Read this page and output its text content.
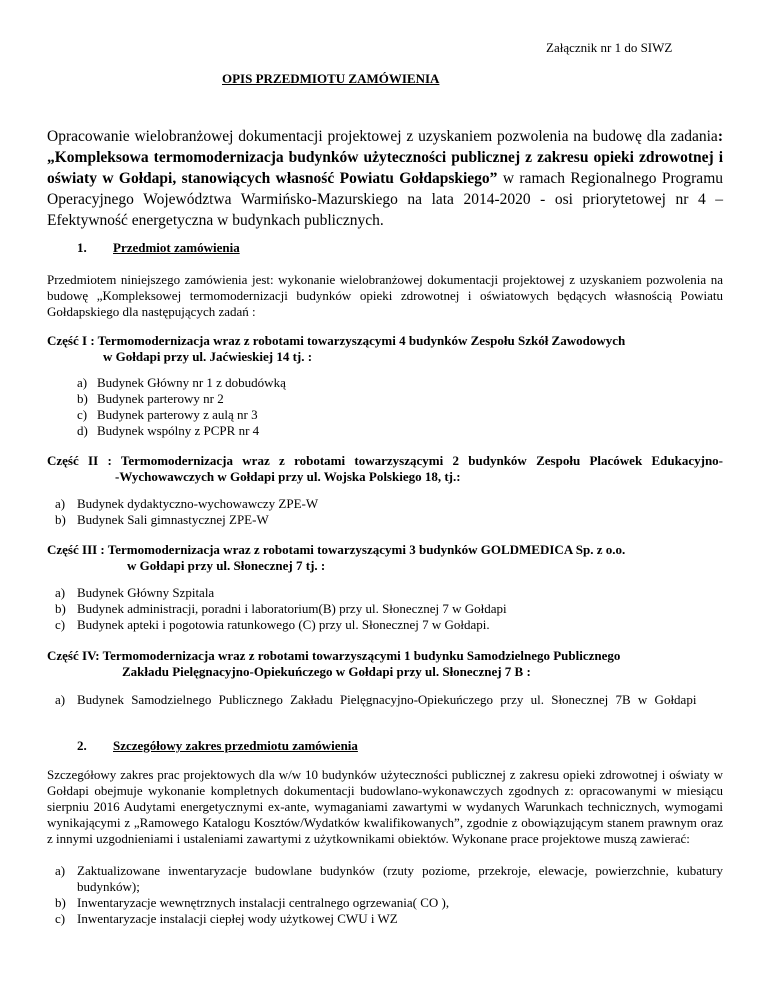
Załącznik nr 1 do SIWZ
OPIS PRZEDMIOTU ZAMÓWIENIA
Opracowanie wielobranżowej dokumentacji projektowej z uzyskaniem pozwolenia na budowę dla zadania: „Kompleksowa termomodernizacja budynków użyteczności publicznej z zakresu opieki zdrowotnej i oświaty w Gołdapi, stanowiących własność Powiatu Gołdapskiego” w ramach Regionalnego Programu Operacyjnego Województwa Warmińsko-Mazurskiego na lata 2014-2020 - osi priorytetowej nr 4 – Efektywność energetyczna w budynkach publicznych.
1. Przedmiot zamówienia
Przedmiotem niniejszego zamówienia jest: wykonanie wielobranżowej dokumentacji projektowej z uzyskaniem pozwolenia na budowę „Kompleksowej termomodernizacji budynków opieki zdrowotnej i oświatowych będących własnością Powiatu Gołdapskiego dla następujących zadań :
Część I : Termomodernizacja wraz z robotami towarzyszącymi 4 budynków Zespołu Szkół Zawodowych
w Gołdapi przy ul. Jaćwieskiej 14 tj. :
a) Budynek Główny nr 1 z dobudówką
b) Budynek parterowy nr 2
c) Budynek parterowy z aulą nr 3
d) Budynek wspólny z PCPR nr 4
Część II : Termomodernizacja wraz z robotami towarzyszącymi 2 budynków Zespołu Placówek Edukacyjno-
-Wychowawczych w Gołdapi przy ul. Wojska Polskiego 18, tj.:
a) Budynek dydaktyczno-wychowawczy ZPE-W
b) Budynek Sali gimnastycznej ZPE-W
Część III : Termomodernizacja wraz z robotami towarzyszącymi 3 budynków GOLDMEDICA Sp. z o.o.
w Gołdapi przy ul. Słonecznej 7 tj. :
a) Budynek Główny Szpitala
b) Budynek administracji, poradni i laboratorium(B) przy ul. Słonecznej 7 w Gołdapi
c) Budynek apteki i pogotowia ratunkowego (C) przy ul. Słonecznej 7 w Gołdapi.
Część IV: Termomodernizacja wraz z robotami towarzyszącymi 1 budynku Samodzielnego Publicznego
Zakładu Pielęgnacyjno-Opiekuńczego w Gołdapi przy ul. Słonecznej 7 B :
a) Budynek Samodzielnego Publicznego Zakładu Pielęgnacyjno-Opiekuńczego przy ul. Słonecznej 7B w Gołdapi
2. Szczegółowy zakres przedmiotu zamówienia
Szczegółowy zakres prac projektowych dla w/w 10 budynków użyteczności publicznej z zakresu opieki zdrowotnej i oświaty w Gołdapi obejmuje wykonanie kompletnych dokumentacji budowlano-wykonawczych zgodnych z: opracowanymi w miesiącu sierpniu 2016 Audytami energetycznymi ex-ante, wymaganiami zawartymi w wydanych Warunkach technicznych, wymogami wynikającymi z „Ramowego Katalogu Kosztów/Wydatków kwalifikowanych”, zgodnie z obowiązującym stanem prawnym oraz z innymi uzgodnieniami i ustaleniami zawartymi z użytkownikami obiektów. Wykonane prace projektowe muszą zawierać:
a) Zaktualizowane inwentaryzacje budowlane budynków (rzuty poziome, przekroje, elewacje, powierzchnie, kubatury budynków);
b) Inwentaryzacje wewnętrznych instalacji centralnego ogrzewania( CO ),
c) Inwentaryzacje instalacji ciepłej wody użytkowej CWU i WZ
